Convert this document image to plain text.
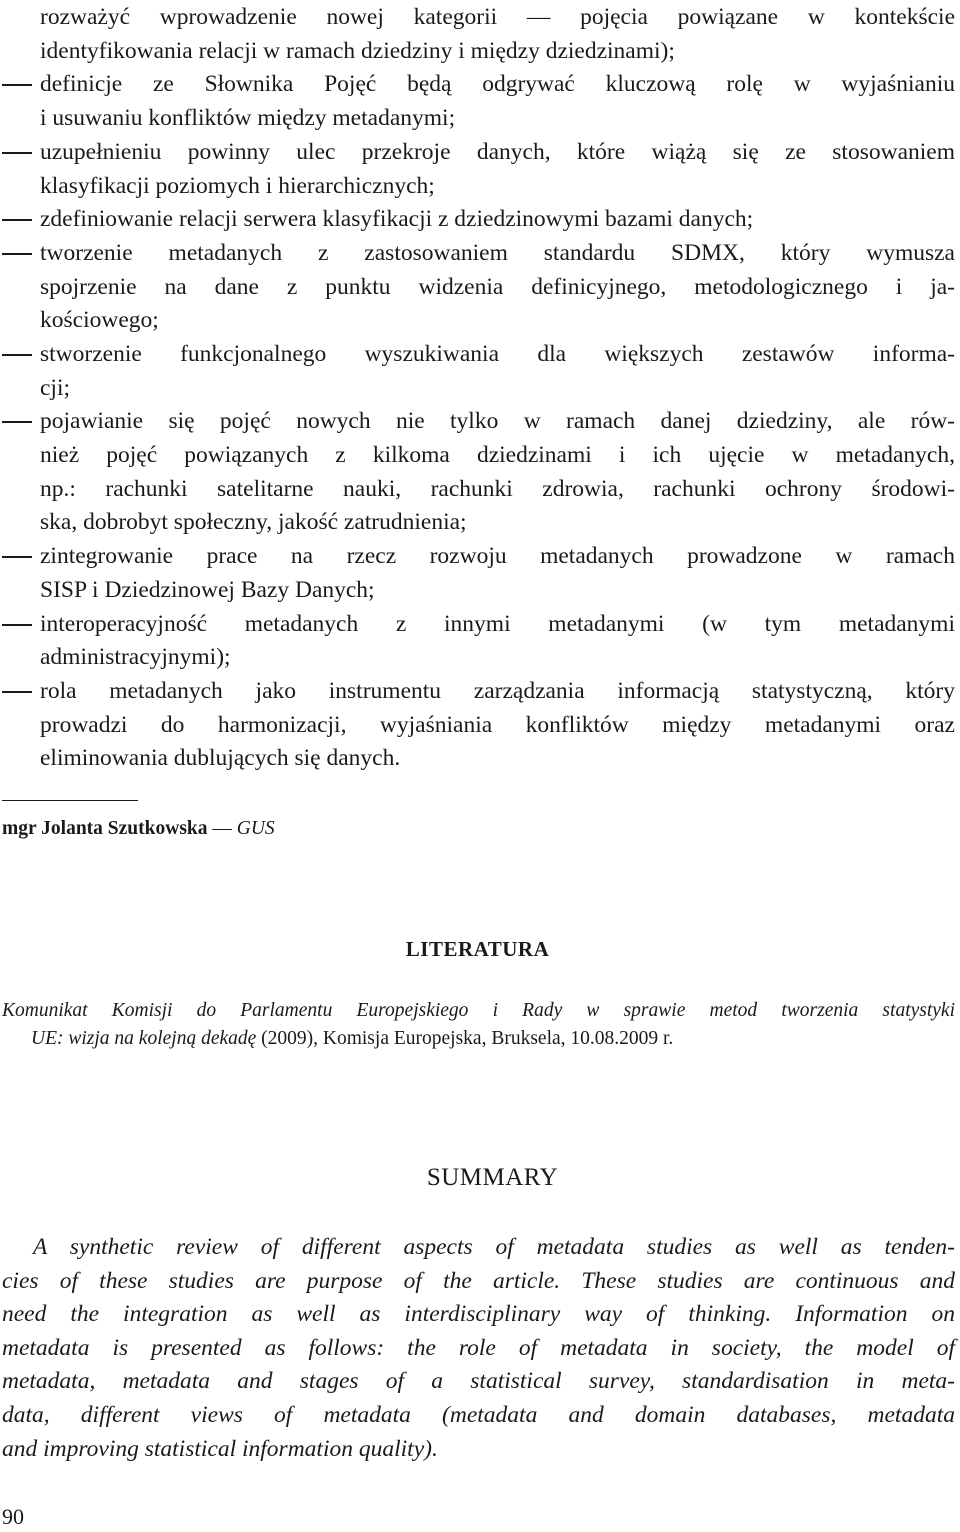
rozważyć wprowadzenie nowej kategorii — pojęcia powiązane w kontekście
identyfikowania relacji w ramach dziedziny i między dziedzinami);
definicje ze Słownika Pojęć będą odgrywać kluczową rolę w wyjaśnianiu
i usuwaniu konfliktów między metadanymi;
uzupełnieniu powinny ulec przekroje danych, które wiążą się ze stosowaniem
klasyfikacji poziomych i hierarchicznych;
zdefiniowanie relacji serwera klasyfikacji z dziedzinowymi bazami danych;
tworzenie metadanych z zastosowaniem standardu SDMX, który wymusza
spojrzenie na dane z punktu widzenia definicyjnego, metodologicznego i ja-
kościowego;
stworzenie funkcjonalnego wyszukiwania dla większych zestawów informa-
cji;
pojawianie się pojęć nowych nie tylko w ramach danej dziedziny, ale rów-
nież pojęć powiązanych z kilkoma dziedzinami i ich ujęcie w metadanych,
np.: rachunki satelitarne nauki, rachunki zdrowia, rachunki ochrony środowi-
ska, dobrobyt społeczny, jakość zatrudnienia;
zintegrowanie prace na rzecz rozwoju metadanych prowadzone w ramach
SISP i Dziedzinowej Bazy Danych;
interoperacyjność metadanych z innymi metadanymi (w tym metadanymi
administracyjnymi);
rola metadanych jako instrumentu zarządzania informacją statystyczną, który
prowadzi do harmonizacji, wyjaśniania konfliktów między metadanymi oraz
eliminowania dublujących się danych.
mgr Jolanta Szutkowska — GUS
LITERATURA
Komunikat Komisji do Parlamentu Europejskiego i Rady w sprawie metod tworzenia statystyki
UE: wizja na kolejną dekadę (2009), Komisja Europejska, Bruksela, 10.08.2009 r.
SUMMARY
A synthetic review of different aspects of metadata studies as well as tenden-
cies of these studies are purpose of the article. These studies are continuous and
need the integration as well as interdisciplinary way of thinking. Information on
metadata is presented as follows: the role of metadata in society, the model of
metadata, metadata and stages of a statistical survey, standardisation in meta-
data, different views of metadata (metadata and domain databases, metadata
and improving statistical information quality).
90
